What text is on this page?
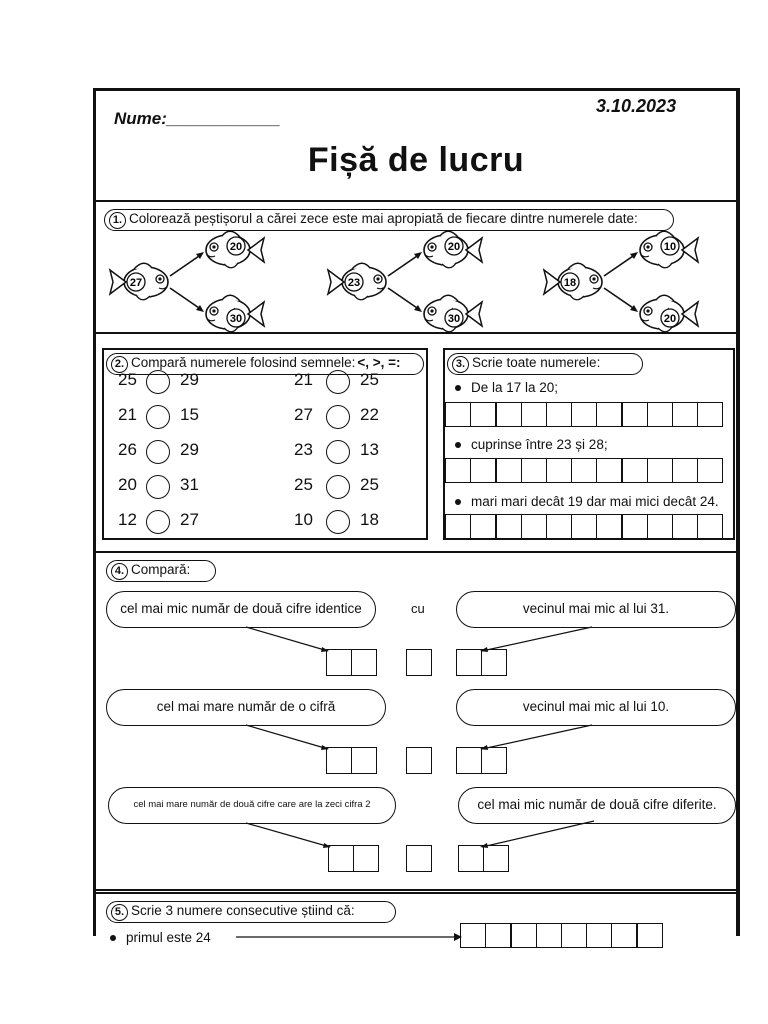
Nume:____________
3.10.2023
Fișă de lucru
1. Colorează peștișorul a cărei zece este mai apropiată de fiecare dintre numerele date:
27
20
30
23
20
30
18
10
20
2. Compară numerele folosind semnele: <, >, =:
25	29
21	15
26	29
20	31
12	27
21	25
27	22
23	13
25	25
10	18
3. Scrie toate numerele:
De la 17 la 20;
cuprinse între 23 și 28;
mari mari decât 19 dar mai mici decât 24.
4. Compară:
cel mai mic număr de două cifre identice	cu	vecinul mai mic al lui 31.
cel mai mare număr de o cifră	vecinul mai mic al lui 10.
cel mai mare număr de două cifre care are la zeci cifra 2	cel mai mic număr de două cifre diferite.
5. Scrie 3 numere consecutive știind că:
primul este 24
